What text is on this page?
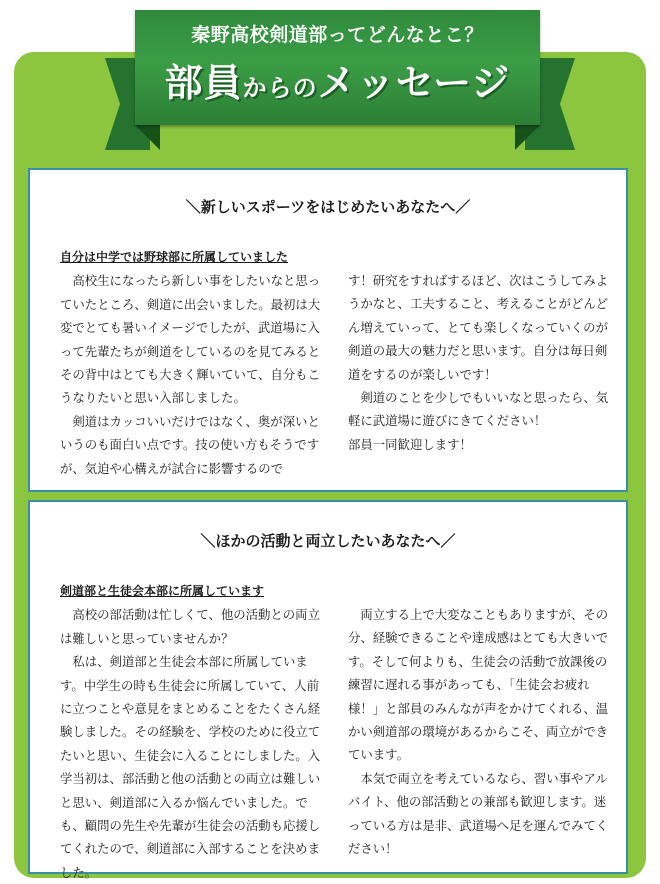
秦野高校剣道部ってどんなとこ？
部員からのメッセージ
＼新しいスポーツをはじめたいあなたへ／

自分は中学では野球部に所属していました

高校生になったら新しい事をしたいなと思っていたところ、剣道に出会いました。最初は大変でとても暑いイメージでしたが、武道場に入って先輩たちが剣道をしているのを見てみるとその背中はとても大きく輝いていて、自分もこうなりたいと思い入部しました。

剣道はカッコいいだけではなく、奥が深いというのも面白い点です。技の使い方もそうですが、気迫や心構えが試合に影響するので

す！研究をすればするほど、次はこうしてみようかなと、工夫すること、考えることがどんどん増えていって、とても楽しくなっていくのが剣道の最大の魅力だと思います。自分は毎日剣道をするのが楽しいです！

剣道のことを少しでもいいなと思ったら、気軽に武道場に遊びにきてください！

部員一同歓迎します！

＼ほかの活動と両立したいあなたへ／

剣道部と生徒会本部に所属しています

高校の部活動は忙しくて、他の活動との両立は難しいと思っていませんか？

私は、剣道部と生徒会本部に所属しています。中学生の時も生徒会に所属していて、人前に立つことや意見をまとめることをたくさん経験しました。その経験を、学校のために役立てたいと思い、生徒会に入ることにしました。入学当初は、部活動と他の活動との両立は難しいと思い、剣道部に入るか悩んでいました。でも、顧問の先生や先輩が生徒会の活動も応援してくれたので、剣道部に入部することを決めました。

両立する上で大変なこともありますが、その分、経験できることや達成感はとても大きいです。そして何よりも、生徒会の活動で放課後の練習に遅れる事があっても、「生徒会お疲れ様！」と部員のみんなが声をかけてくれる、温かい剣道部の環境があるからこそ、両立ができています。

本気で両立を考えているなら、習い事やアルバイト、他の部活動との兼部も歓迎します。迷っている方は是非、武道場へ足を運んでみてください！
